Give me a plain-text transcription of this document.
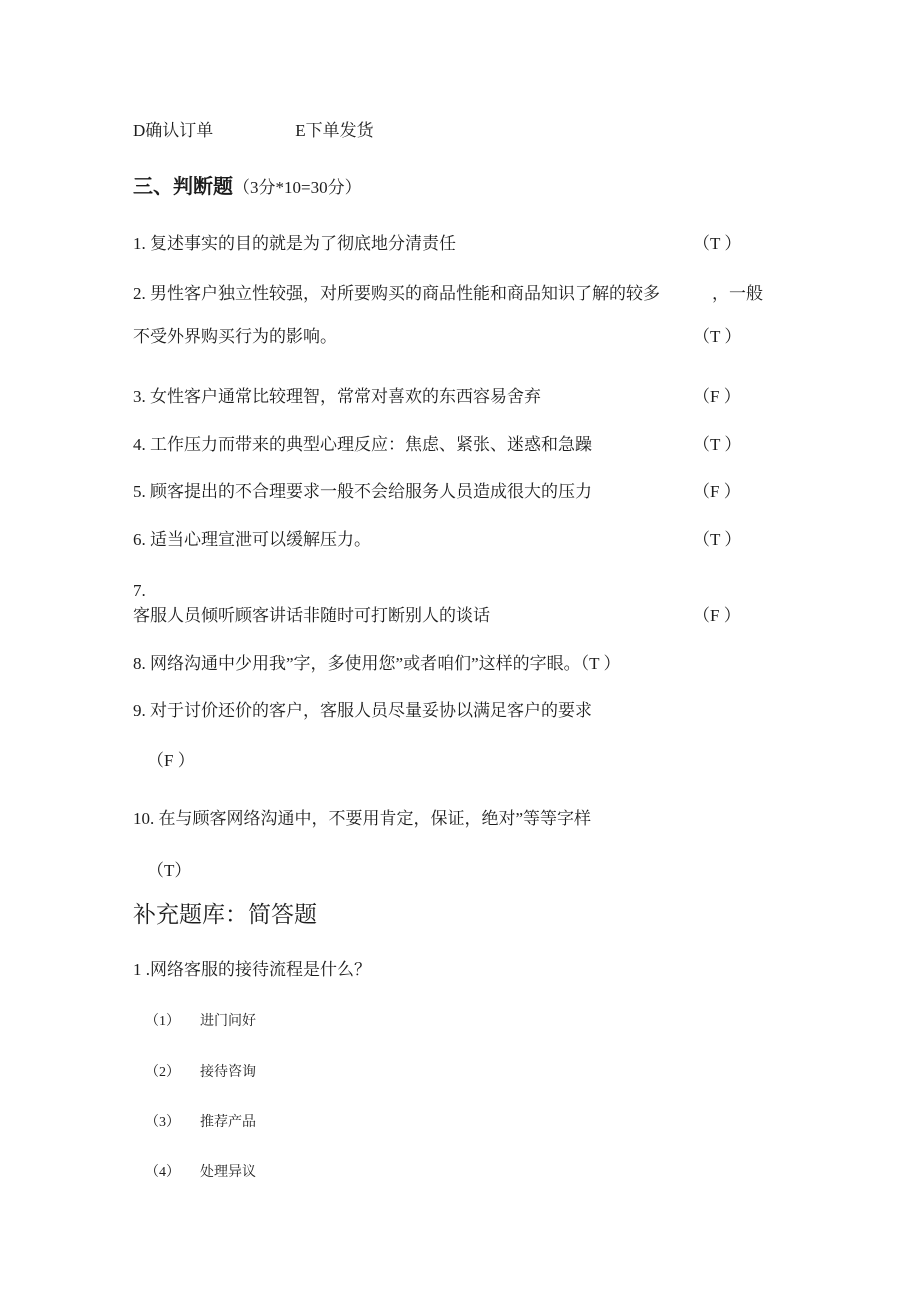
D确认订单	E下单发货
三、判断题（3分*10=30分）
1. 复述事实的目的就是为了彻底地分清责任	（T ）
2. 男性客户独立性较强，对所要购买的商品性能和商品知识了解的较多	，一般
不受外界购买行为的影响。	（T ）
3. 女性客户通常比较理智，常常对喜欢的东西容易舍弃	（F ）
4. 工作压力而带来的典型心理反应：焦虑、紧张、迷惑和急躁	（T ）
5. 顾客提出的不合理要求一般不会给服务人员造成很大的压力	（F ）
6. 适当心理宣泄可以缓解压力。	（T ）
7.
客服人员倾听顾客讲话非随时可打断别人的谈话	（F ）
8. 网络沟通中少用我”字，多使用您”或者咱们”这样的字眼。（T ）
9. 对于讨价还价的客户，客服人员尽量妥协以满足客户的要求
（F ）
10. 在与顾客网络沟通中，不要用肯定，保证，绝对”等等字样
（T）
补充题库：简答题
1 .网络客服的接待流程是什么？
（1） 进门问好
（2） 接待咨询
（3） 推荐产品
（4） 处理异议
